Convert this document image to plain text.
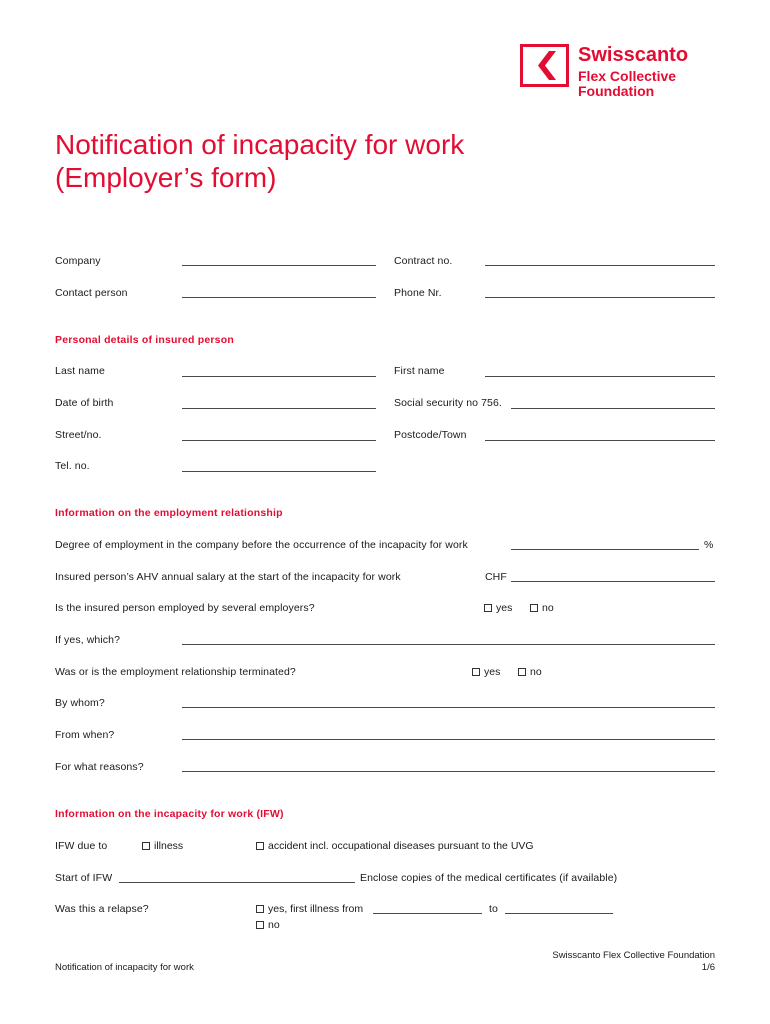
Swisscanto
Flex Collective
Foundation
Notification of incapacity for work
(Employer’s form)
Company	Contract no.
Contact person	Phone Nr.
Personal details of insured person
Last name	First name
Date of birth	Social security no 756.
Street/no.	Postcode/Town
Tel. no.
Information on the employment relationship
Degree of employment in the company before the occurrence of the incapacity for work	%
Insured person’s AHV annual salary at the start of the incapacity for work	CHF
Is the insured person employed by several employers?	yes	no
If yes, which?
Was or is the employment relationship terminated?	yes	no
By whom?
From when?
For what reasons?
Information on the incapacity for work (IFW)
IFW due to	illness	accident incl. occupational diseases pursuant to the UVG
Start of IFW	Enclose copies of the medical certificates (if available)
Was this a relapse?	yes, first illness from	to
no
Notification of incapacity for work
Swisscanto Flex Collective Foundation
1/6
